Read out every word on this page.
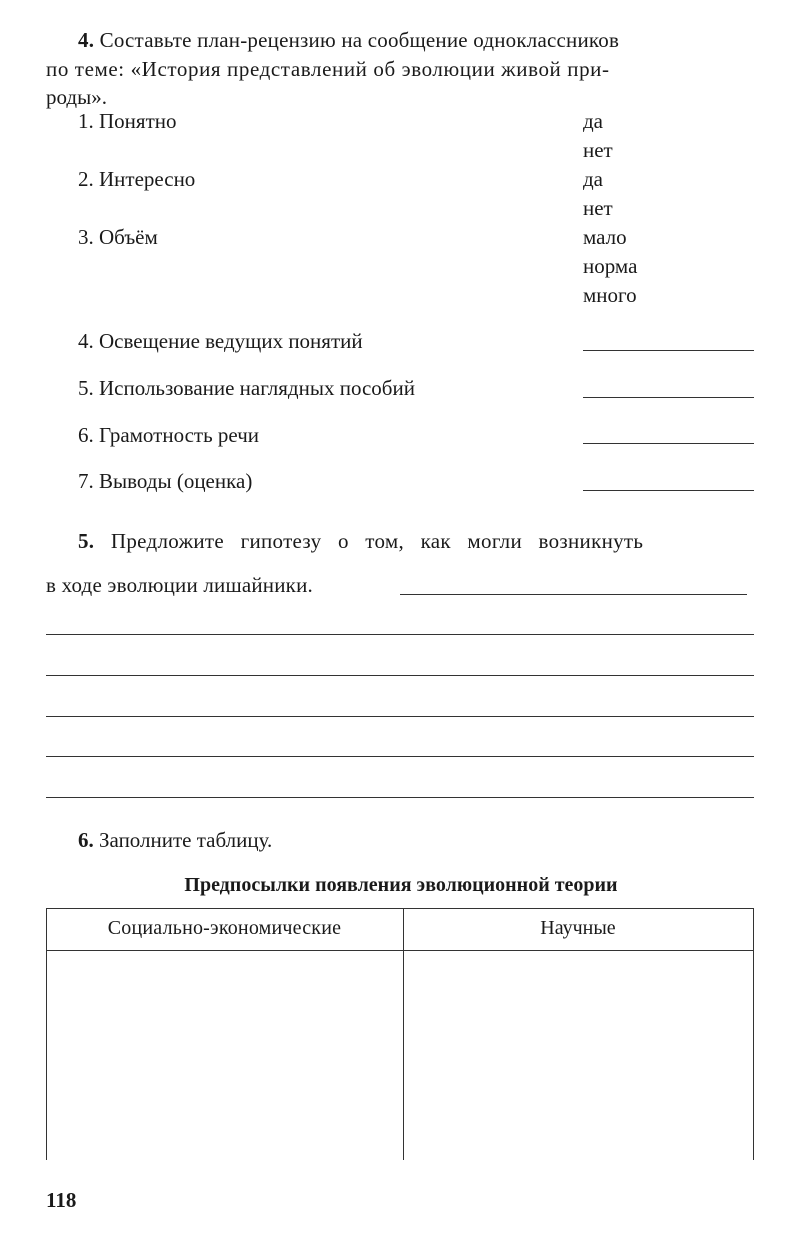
4. Составьте план-рецензию на сообщение одноклассников
по теме: «История представлений об эволюции живой при-
роды».
1. Понятно	да
нет
2. Интересно	да
нет
3. Объём	мало
норма
много
4. Освещение ведущих понятий
5. Использование наглядных пособий
6. Грамотность речи
7. Выводы (оценка)
5. Предложите гипотезу о том, как могли возникнуть
в ходе эволюции лишайники.
6. Заполните таблицу.
Предпосылки появления эволюционной теории
Социально-экономические	Научные
118
